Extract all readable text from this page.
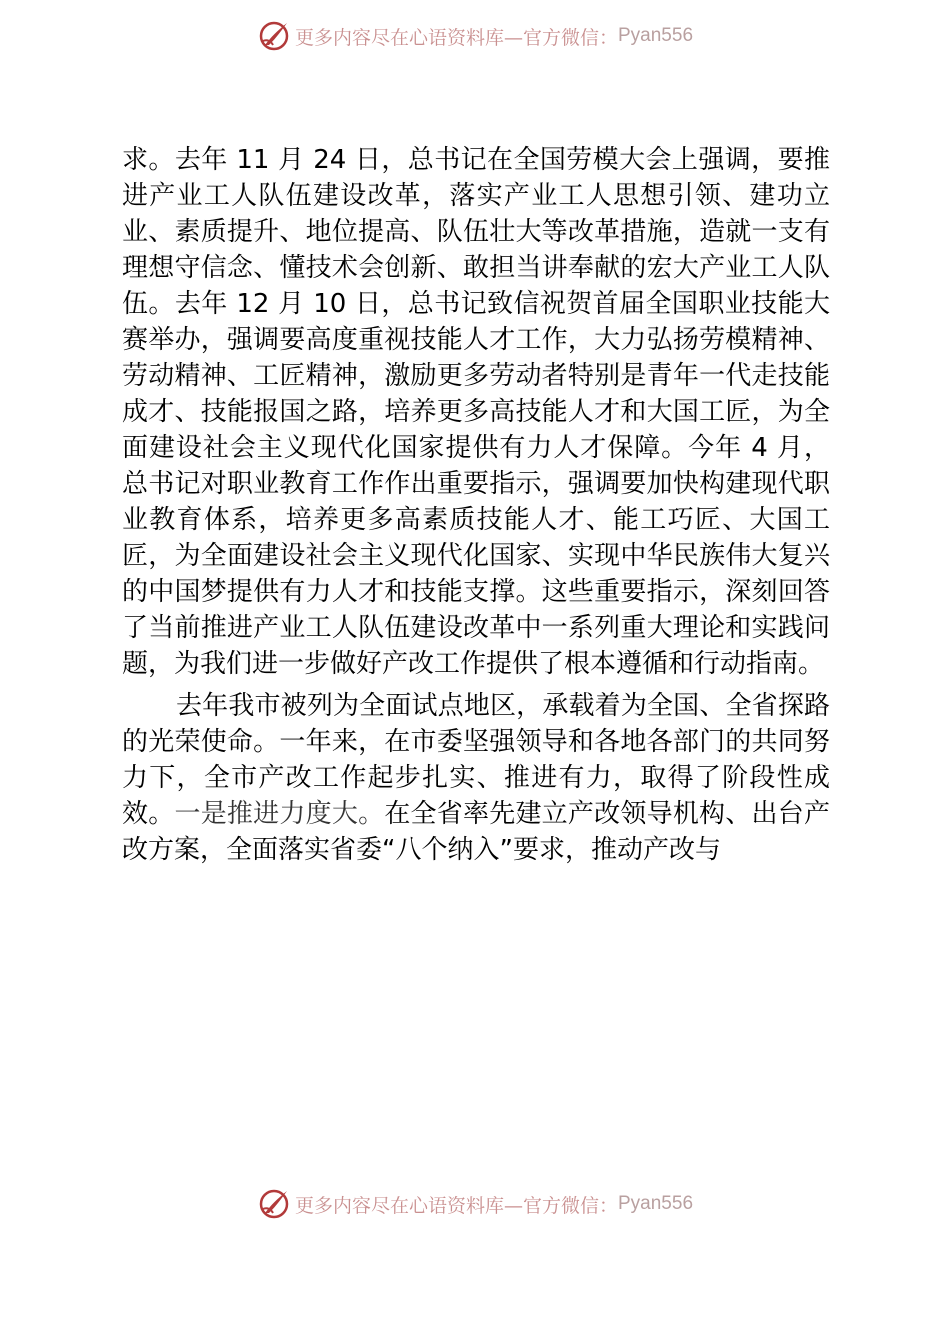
更多内容尽在心语资料库—官方微信： Pyan556

求。去年 11 月 24 日，总书记在全国劳模大会上强调，要推进产业工人队伍建设改革，落实产业工人思想引领、建功立业、素质提升、地位提高、队伍壮大等改革措施，造就一支有理想守信念、懂技术会创新、敢担当讲奉献的宏大产业工人队伍。去年 12 月 10 日，总书记致信祝贺首届全国职业技能大赛举办，强调要高度重视技能人才工作，大力弘扬劳模精神、劳动精神、工匠精神，激励更多劳动者特别是青年一代走技能成才、技能报国之路，培养更多高技能人才和大国工匠，为全面建设社会主义现代化国家提供有力人才保障。今年 4 月，总书记对职业教育工作作出重要指示，强调要加快构建现代职业教育体系，培养更多高素质技能人才、能工巧匠、大国工匠，为全面建设社会主义现代化国家、实现中华民族伟大复兴的中国梦提供有力人才和技能支撑。这些重要指示，深刻回答了当前推进产业工人队伍建设改革中一系列重大理论和实践问题，为我们进一步做好产改工作提供了根本遵循和行动指南。

去年我市被列为全面试点地区，承载着为全国、全省探路的光荣使命。一年来，在市委坚强领导和各地各部门的共同努力下，全市产改工作起步扎实、推进有力，取得了阶段性成效。一是推进力度大。在全省率先建立产改领导机构、出台产改方案，全面落实省委“八个纳入”要求，推动产改与

更多内容尽在心语资料库—官方微信： Pyan556
